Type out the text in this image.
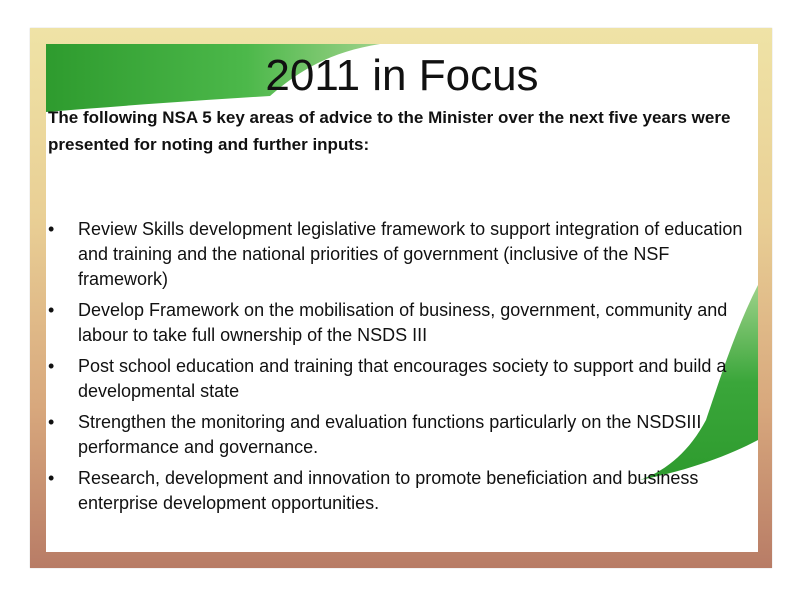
2011 in Focus

The following NSA 5 key areas of advice to the Minister over the next five years were

presented for noting and further inputs:

• Review Skills development legislative framework to support integration of education and training and the national priorities of government (inclusive of the NSF framework)
• Develop Framework on the mobilisation of business, government, community and labour to take full ownership of the NSDS III
• Post school education and training that encourages society to support and build a developmental state
• Strengthen the monitoring and evaluation functions particularly on the NSDSIII performance and governance.
• Research, development and innovation to promote beneficiation and business enterprise development opportunities.
